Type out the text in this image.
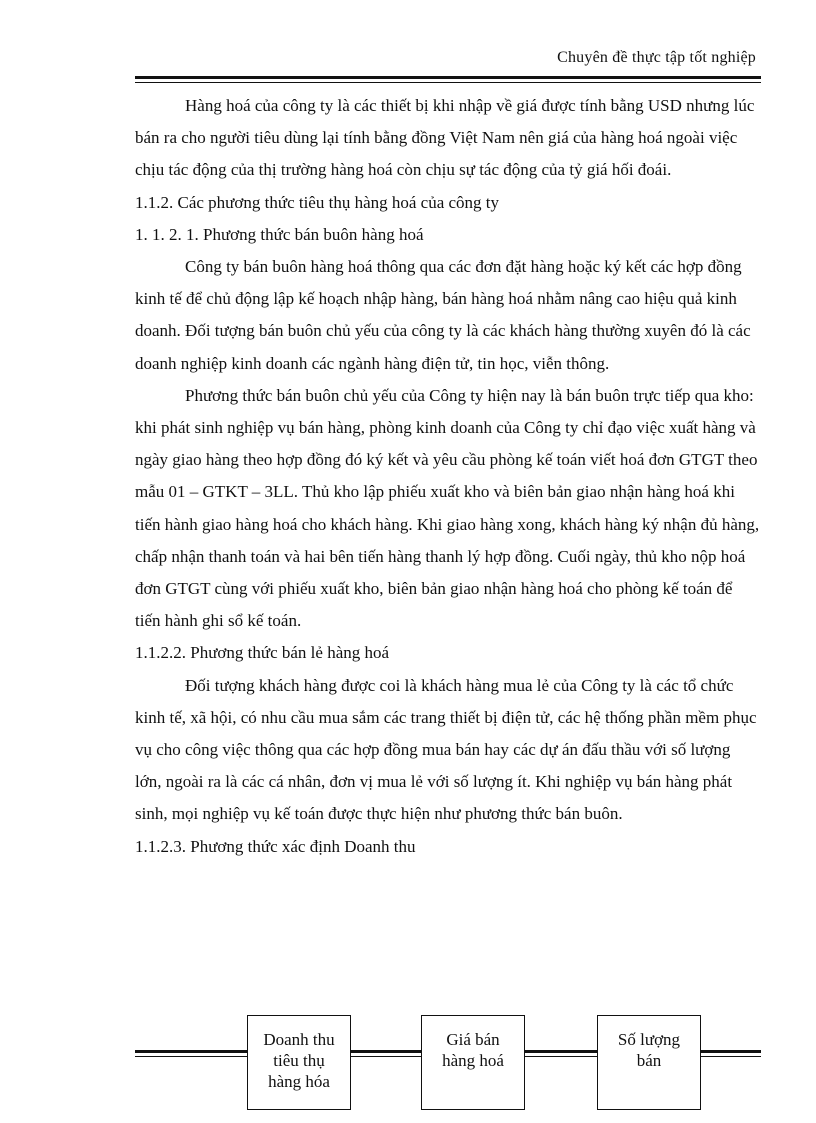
Chuyên đề thực tập tốt nghiệp

Hàng hoá của công ty là các thiết bị khi nhập về giá được tính bằng USD nhưng lúc bán ra cho người tiêu dùng lại tính bằng đồng Việt Nam nên giá của hàng hoá ngoài việc chịu tác động của thị trường hàng hoá còn chịu sự tác động của tỷ giá hối đoái.

1.1.2. Các phương thức tiêu thụ hàng hoá của công ty

1. 1. 2. 1. Phương thức bán buôn hàng hoá

Công ty bán buôn hàng hoá thông qua các đơn đặt hàng hoặc ký kết các hợp đồng kinh tế để chủ động lập kế hoạch nhập hàng, bán hàng hoá nhằm nâng cao hiệu quả kinh doanh. Đối tượng bán buôn chủ yếu của công ty là các khách hàng thường xuyên đó là các doanh nghiệp kinh doanh các ngành hàng điện tử, tin học, viễn thông.

Phương thức bán buôn chủ yếu của Công ty hiện nay là bán buôn trực tiếp qua kho: khi phát sinh nghiệp vụ bán hàng, phòng kinh doanh của Công ty chỉ đạo việc xuất hàng và ngày giao hàng theo hợp đồng đó ký kết và yêu cầu phòng kế toán viết hoá đơn GTGT theo mẫu 01 – GTKT – 3LL. Thủ kho lập phiếu xuất kho và biên bản giao nhận hàng hoá khi tiến hành giao hàng hoá cho khách hàng. Khi giao hàng xong, khách hàng ký nhận đủ hàng, chấp nhận thanh toán và hai bên tiến hàng thanh lý hợp đồng. Cuối ngày, thủ kho nộp hoá đơn GTGT cùng với phiếu xuất kho, biên bản giao nhận hàng hoá cho phòng kế toán để tiến hành ghi sổ kế toán.

1.1.2.2. Phương thức bán lẻ hàng hoá

Đối tượng khách hàng được coi là khách hàng mua lẻ của Công ty là các tổ chức kinh tế, xã hội, có nhu cầu mua sắm các trang thiết bị điện tử, các hệ thống phần mềm phục vụ cho công việc thông qua các hợp đồng mua bán hay các dự án đấu thầu với số lượng lớn, ngoài ra là các cá nhân, đơn vị mua lẻ với số lượng ít. Khi nghiệp vụ bán hàng phát sinh, mọi nghiệp vụ kế toán được thực hiện như phương thức bán buôn.

1.1.2.3. Phương thức xác định Doanh thu

Doanh thu
tiêu thụ
hàng hóa
Giá bán
hàng hoá
Số lượng
bán
